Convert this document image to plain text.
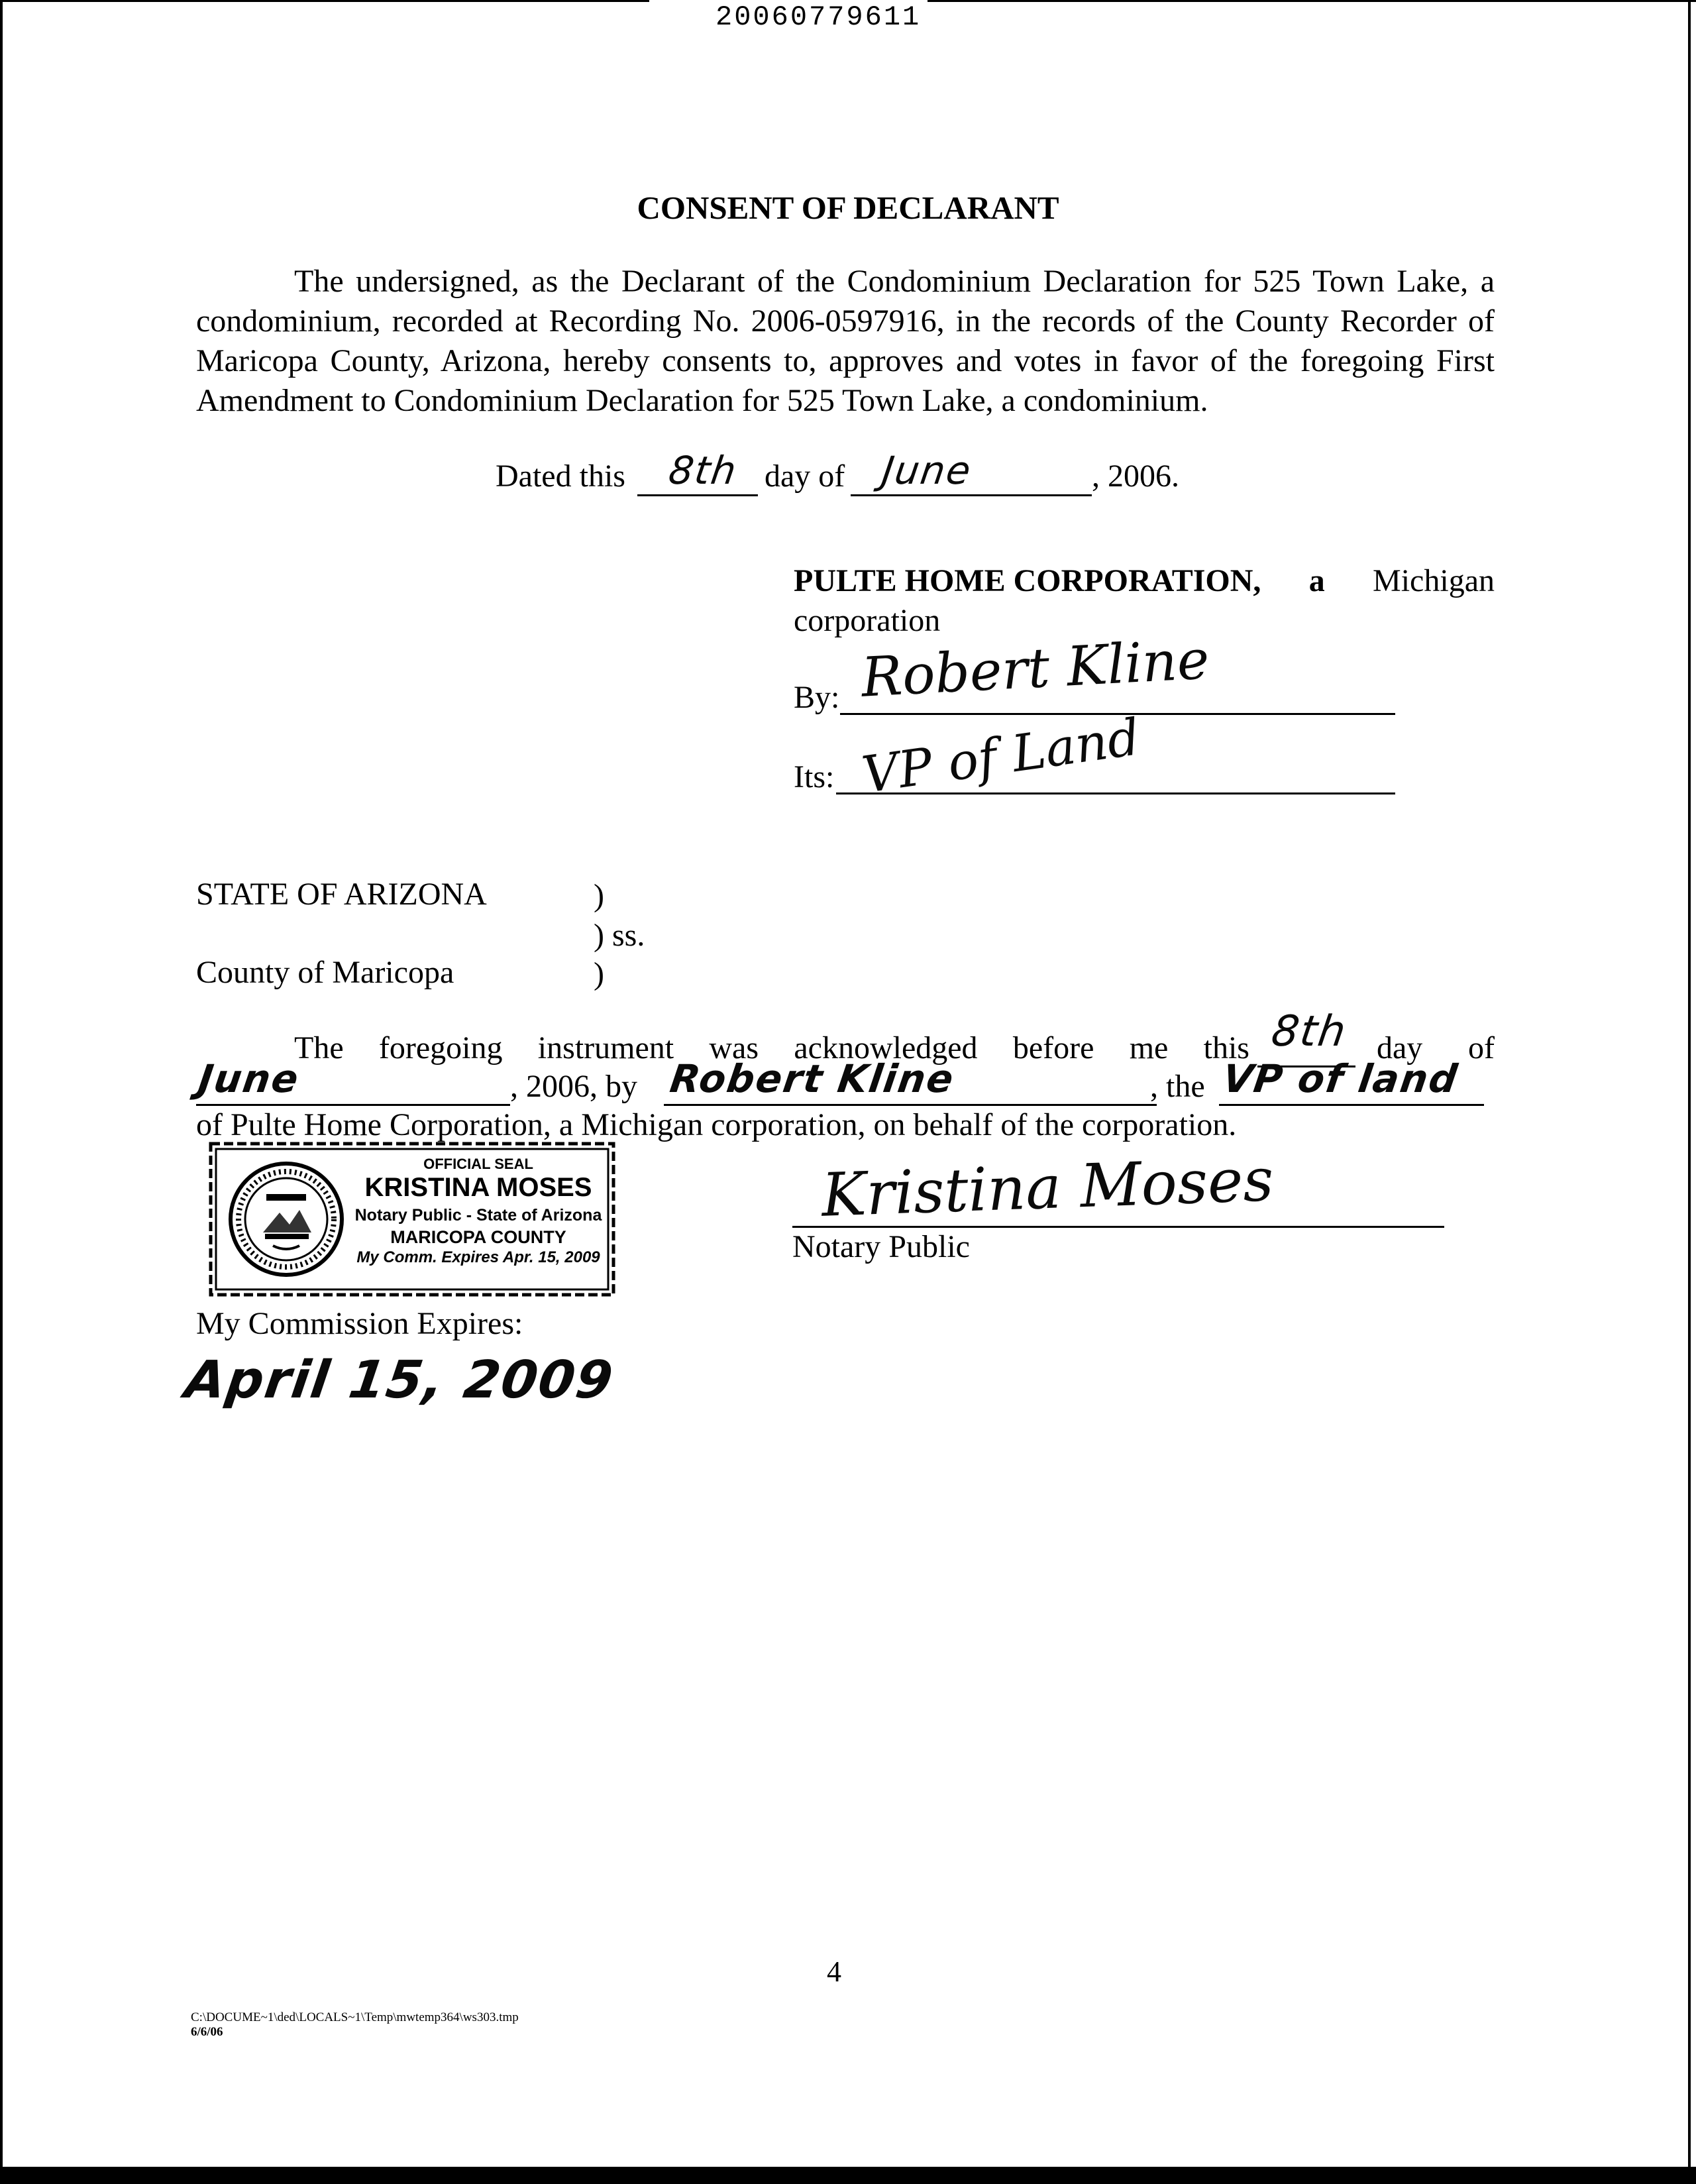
20060779611
CONSENT OF DECLARANT
The undersigned, as the Declarant of the Condominium Declaration for 525 Town Lake, a
condominium, recorded at Recording No. 2006-0597916, in the records of the County Recorder of
Maricopa County, Arizona, hereby consents to, approves and votes in favor of the foregoing First
Amendment to Condominium Declaration for 525 Town Lake, a condominium.
Dated this 8th day of June	, 2006.
PULTE HOME CORPORATION, a Michigan
corporation
By: Robert Kline
Its: VP of Land
STATE OF ARIZONA	)
) ss.
County of Maricopa	)
The foregoing instrument was acknowledged before me this 8th day of
June	, 2006, by Robert Kline	, the VP of land
of Pulte Home Corporation, a Michigan corporation, on behalf of the corporation.
OFFICIAL SEAL
KRISTINA MOSES
Notary Public - State of Arizona
MARICOPA COUNTY
My Comm. Expires Apr. 15, 2009
Kristina Moses
Notary Public
My Commission Expires:
April 15, 2009
4
C:\DOCUME~1\ded\LOCALS~1\Temp\mwtemp364\ws303.tmp
6/6/06
